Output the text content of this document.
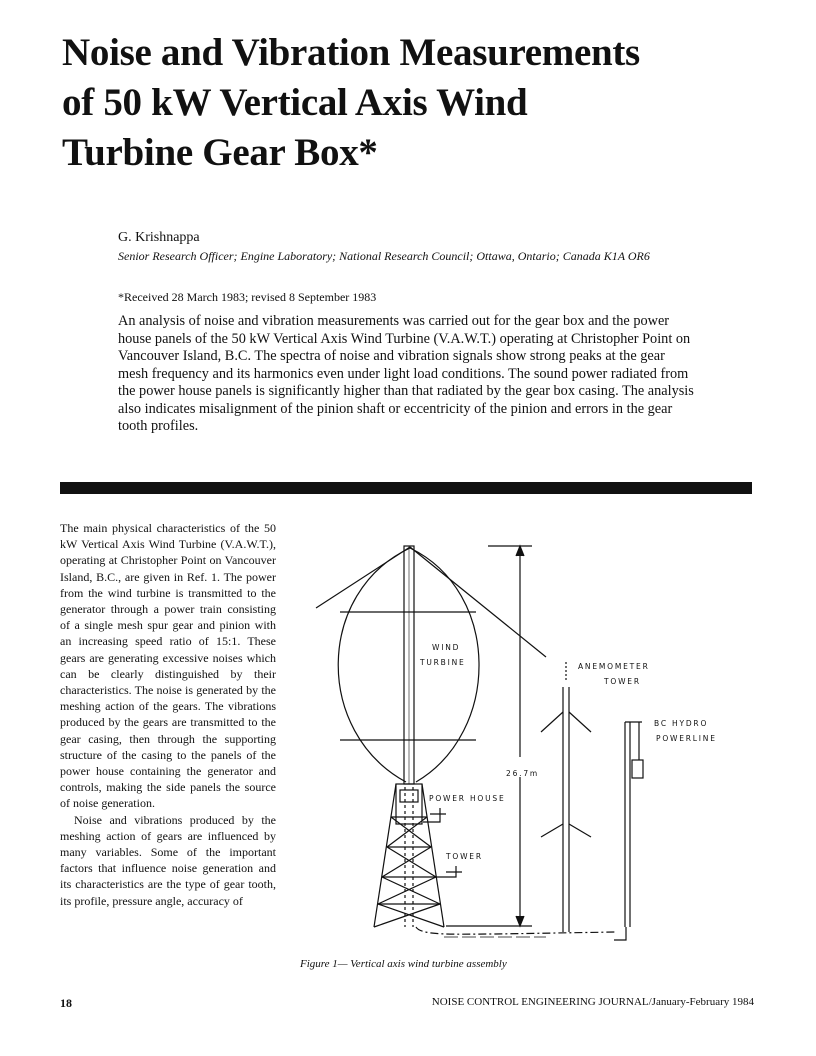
Noise and Vibration Measurements
of 50 kW Vertical Axis Wind
Turbine Gear Box*
G. Krishnappa
Senior Research Officer; Engine Laboratory; National Research Council; Ottawa, Ontario; Canada K1A OR6
*Received 28 March 1983; revised 8 September 1983

An analysis of noise and vibration measurements was carried out for the gear box and the power house panels of the 50 kW Vertical Axis Wind Turbine (V.A.W.T.) operating at Christopher Point on Vancouver Island, B.C. The spectra of noise and vibration signals show strong peaks at the gear mesh frequency and its harmonics even under light load conditions. The sound power radiated from the power house panels is significantly higher than that radiated by the gear box casing. The analysis also indicates misalignment of the pinion shaft or eccentricity of the pinion and errors in the gear tooth profiles.

The main physical characteristics of the 50 kW Vertical Axis Wind Turbine (V.A.W.T.), operating at Christopher Point on Vancouver Island, B.C., are given in Ref. 1. The power from the wind turbine is transmitted to the generator through a power train consisting of a single mesh spur gear and pinion with an increasing speed ratio of 15:1. These gears are generating excessive noises which can be clearly distinguished by their characteristics. The noise is generated by the meshing action of the gears. The vibrations produced by the gears are transmitted to the gear casing, then through the supporting structure of the casing to the panels of the power house containing the generator and controls, making the side panels the source of noise generation.

Noise and vibrations produced by the meshing action of gears are influenced by many variables. Some of the important factors that influence noise generation and its characteristics are the type of gear tooth, its profile, pressure angle, accuracy of

WIND
TURBINE	ANEMOMETER
TOWER
BC HYDRO
POWERLINE
26.7m
POWER HOUSE
TOWER
Figure 1— Vertical axis wind turbine assembly
18	NOISE CONTROL ENGINEERING JOURNAL/January-February 1984
